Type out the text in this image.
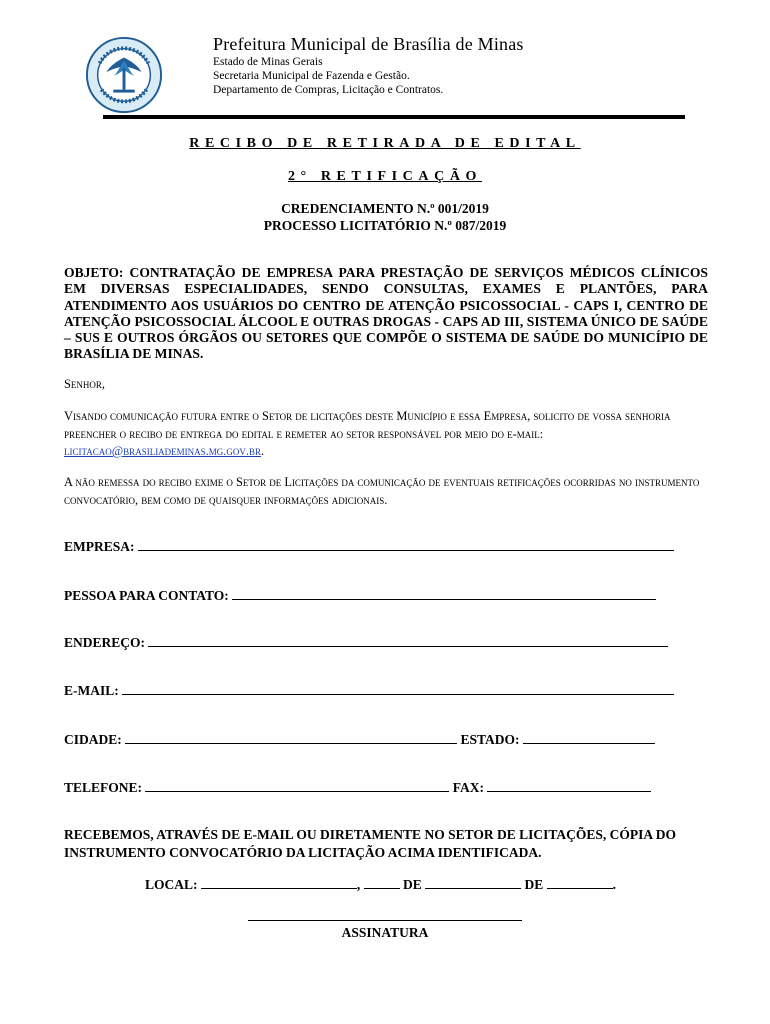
Prefeitura Municipal de Brasília de Minas
Estado de Minas Gerais
Secretaria Municipal de Fazenda e Gestão.
Departamento de Compras, Licitação e Contratos.
RECIBO DE RETIRADA DE EDITAL
2° RETIFICAÇÃO
CREDENCIAMENTO N.º 001/2019
PROCESSO LICITATÓRIO N.º 087/2019
OBJETO: CONTRATAÇÃO DE EMPRESA PARA PRESTAÇÃO DE SERVIÇOS MÉDICOS CLÍNICOS EM DIVERSAS ESPECIALIDADES, SENDO CONSULTAS, EXAMES E PLANTÕES, PARA ATENDIMENTO AOS USUÁRIOS DO CENTRO DE ATENÇÃO PSICOSSOCIAL - CAPS I, CENTRO DE ATENÇÃO PSICOSSOCIAL ÁLCOOL E OUTRAS DROGAS - CAPS AD III, SISTEMA ÚNICO DE SAÚDE – SUS E OUTROS ÓRGÃOS OU SETORES QUE COMPÕE O SISTEMA DE SAÚDE DO MUNICÍPIO DE BRASÍLIA DE MINAS.
Senhor,
Visando comunicação futura entre o Setor de licitações deste Município e essa Empresa, solicito de vossa senhoria preencher o recibo de entrega do edital e remeter ao setor responsável por meio do e-mail: licitacao@brasiliademinas.mg.gov.br.
A não remessa do recibo exime o Setor de Licitações da comunicação de eventuais retificações ocorridas no instrumento convocatório, bem como de quaisquer informações adicionais.
EMPRESA:
PESSOA PARA CONTATO:
ENDEREÇO:
E-MAIL:
CIDADE:	ESTADO:
TELEFONE:	FAX:
RECEBEMOS, ATRAVÉS DE E-MAIL OU DIRETAMENTE NO SETOR DE LICITAÇÕES, CÓPIA DO INSTRUMENTO CONVOCATÓRIO DA LICITAÇÃO ACIMA IDENTIFICADA.
LOCAL:	,	DE	DE	.
ASSINATURA
